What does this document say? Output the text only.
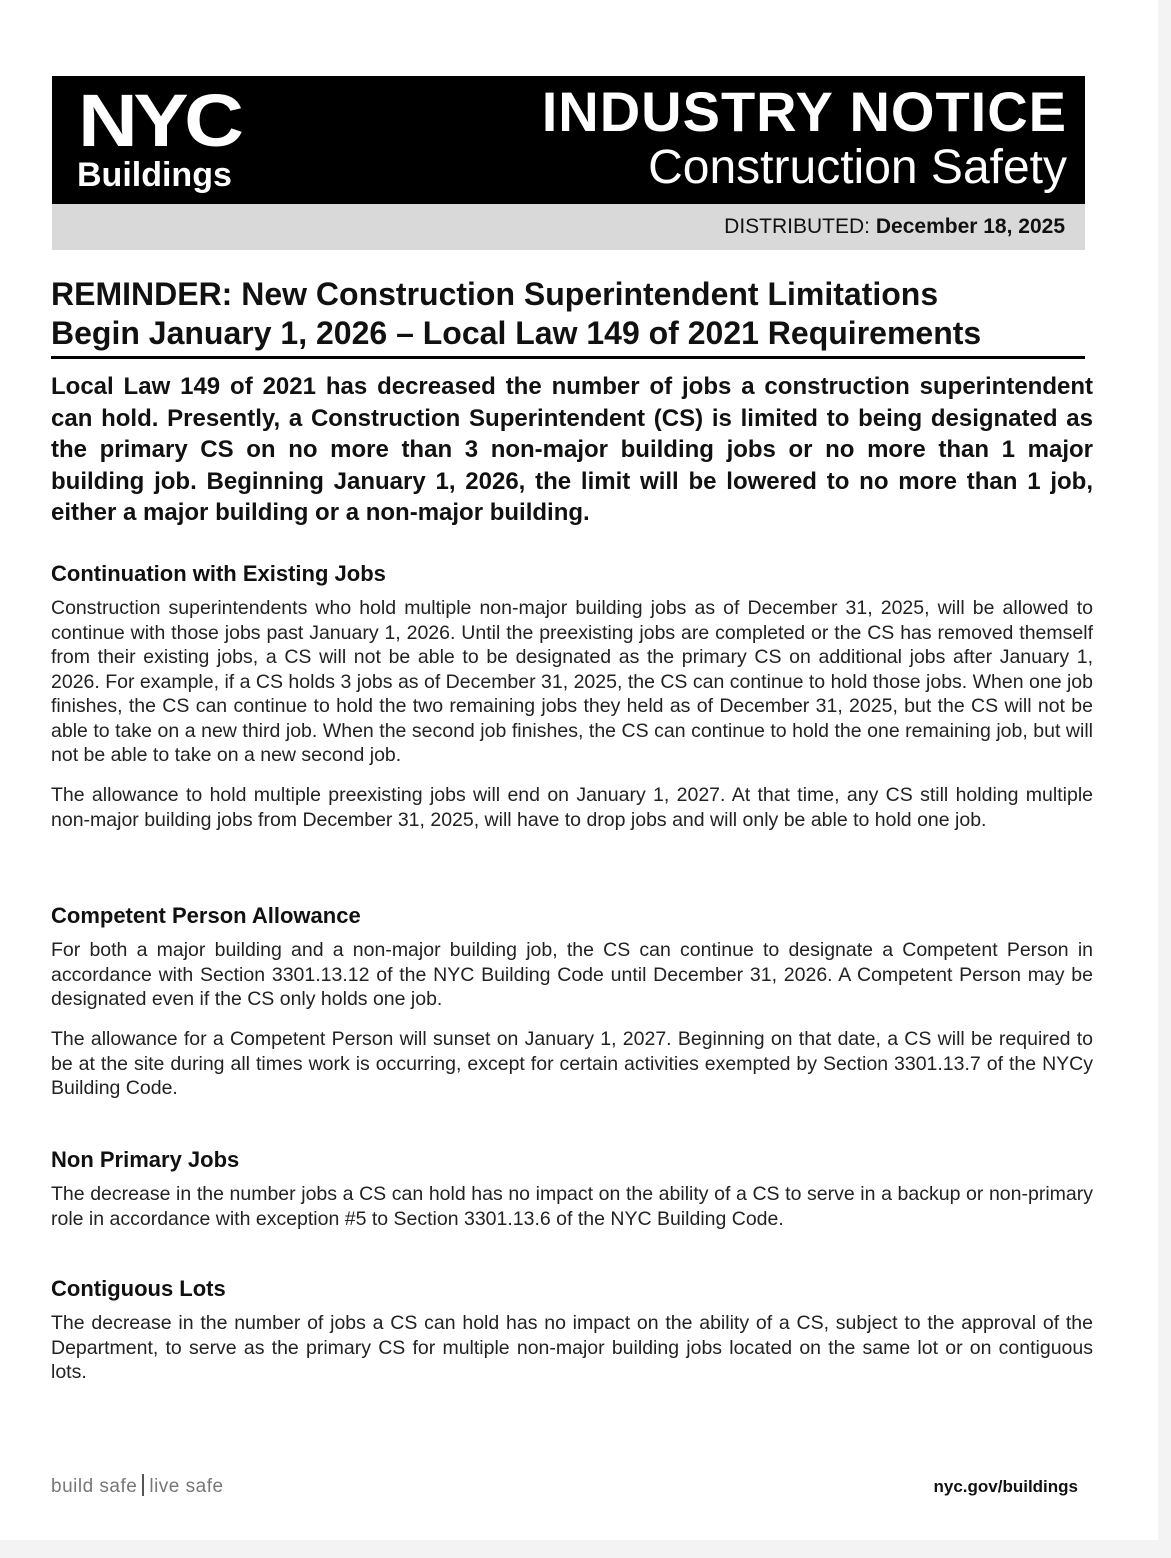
NYC
Buildings
INDUSTRY NOTICE
Construction Safety
DISTRIBUTED: December 18, 2025
REMINDER: New Construction Superintendent Limitations
Begin January 1, 2026 – Local Law 149 of 2021 Requirements

Local Law 149 of 2021 has decreased the number of jobs a construction superintendent can hold. Presently, a Construction Superintendent (CS) is limited to being designated as the primary CS on no more than 3 non-major building jobs or no more than 1 major building job. Beginning January 1, 2026, the limit will be lowered to no more than 1 job, either a major building or a non-major building.

Continuation with Existing Jobs

Construction superintendents who hold multiple non-major building jobs as of December 31, 2025, will be allowed to continue with those jobs past January 1, 2026. Until the preexisting jobs are completed or the CS has removed themself from their existing jobs, a CS will not be able to be designated as the primary CS on additional jobs after January 1, 2026. For example, if a CS holds 3 jobs as of December 31, 2025, the CS can continue to hold those jobs. When one job finishes, the CS can continue to hold the two remaining jobs they held as of December 31, 2025, but the CS will not be able to take on a new third job. When the second job finishes, the CS can continue to hold the one remaining job, but will not be able to take on a new second job.

The allowance to hold multiple preexisting jobs will end on January 1, 2027. At that time, any CS still holding multiple non-major building jobs from December 31, 2025, will have to drop jobs and will only be able to hold one job.

Competent Person Allowance

For both a major building and a non-major building job, the CS can continue to designate a Competent Person in accordance with Section 3301.13.12 of the NYC Building Code until December 31, 2026. A Competent Person may be designated even if the CS only holds one job.

The allowance for a Competent Person will sunset on January 1, 2027. Beginning on that date, a CS will be required to be at the site during all times work is occurring, except for certain activities exempted by Section 3301.13.7 of the NYCy Building Code.

Non Primary Jobs

The decrease in the number jobs a CS can hold has no impact on the ability of a CS to serve in a backup or non-primary role in accordance with exception #5 to Section 3301.13.6 of the NYC Building Code.

Contiguous Lots

The decrease in the number of jobs a CS can hold has no impact on the ability of a CS, subject to the approval of the Department, to serve as the primary CS for multiple non-major building jobs located on the same lot or on contiguous lots.

build safe live safe	nyc.gov/buildings
